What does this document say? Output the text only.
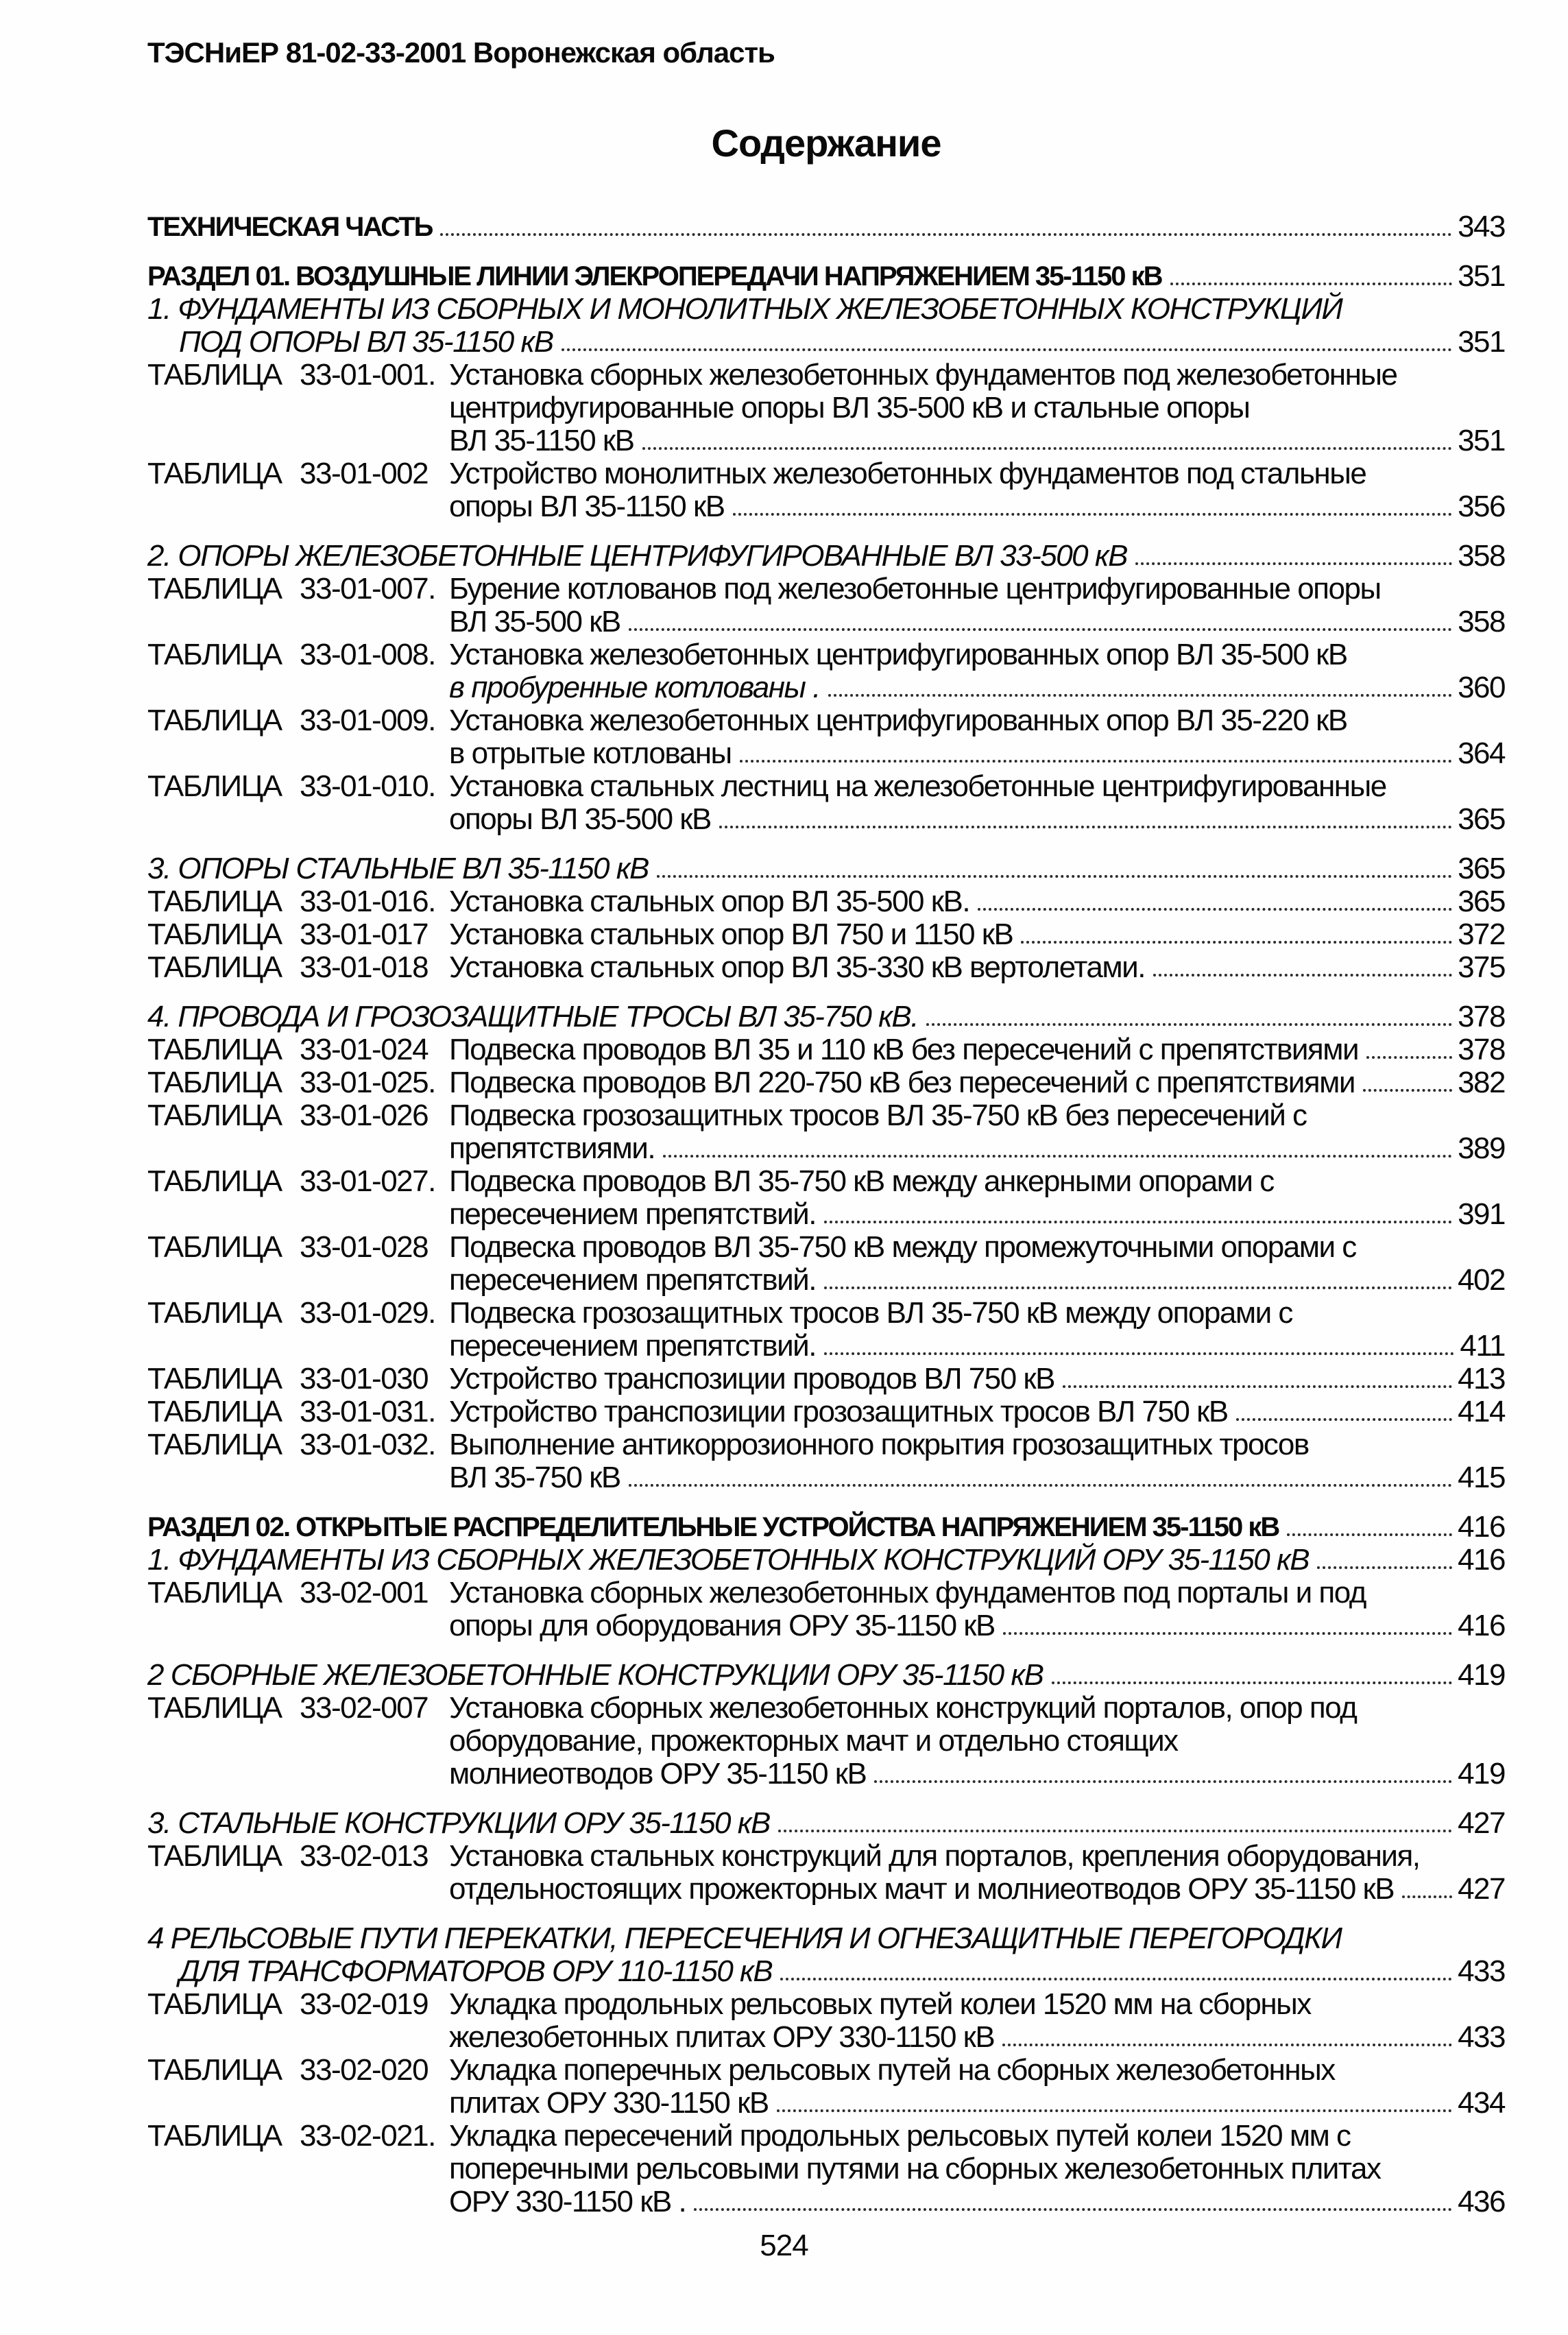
ТЭСНиЕР 81-02-33-2001 Воронежская область
Содержание
ТЕХНИЧЕСКАЯ ЧАСТЬ	343
РАЗДЕЛ 01. ВОЗДУШНЫЕ ЛИНИИ ЭЛЕКРОПЕРЕДАЧИ НАПРЯЖЕНИЕМ 35-1150 кВ	351
1. ФУНДАМЕНТЫ ИЗ СБОРНЫХ И МОНОЛИТНЫХ ЖЕЛЕЗОБЕТОННЫХ КОНСТРУКЦИЙ
ПОД ОПОРЫ ВЛ 35-1150 кВ	351
ТАБЛИЦА 33-01-001. Установка сборных железобетонных фундаментов под железобетонные
центрифугированные опоры ВЛ 35-500 кВ и стальные опоры
ВЛ 35-1150 кВ	351
ТАБЛИЦА 33-01-002 Устройство монолитных железобетонных фундаментов под стальные
опоры ВЛ 35-1150 кВ	356
2. ОПОРЫ ЖЕЛЕЗОБЕТОННЫЕ ЦЕНТРИФУГИРОВАННЫЕ ВЛ 33-500 кВ	358
ТАБЛИЦА 33-01-007. Бурение котлованов под железобетонные центрифугированные опоры
ВЛ 35-500 кВ	358
ТАБЛИЦА 33-01-008. Установка железобетонных центрифугированных опор ВЛ 35-500 кВ
в пробуренные котлованы .	360
ТАБЛИЦА 33-01-009. Установка железобетонных центрифугированных опор ВЛ 35-220 кВ
в отрытые котлованы	364
ТАБЛИЦА 33-01-010. Установка стальных лестниц на железобетонные центрифугированные
опоры ВЛ 35-500 кВ	365
3. ОПОРЫ СТАЛЬНЫЕ ВЛ 35-1150 кВ	365
ТАБЛИЦА 33-01-016. Установка стальных опор ВЛ 35-500 кВ.	365
ТАБЛИЦА 33-01-017 Установка стальных опор ВЛ 750 и 1150 кВ	372
ТАБЛИЦА 33-01-018 Установка стальных опор ВЛ 35-330 кВ вертолетами.	375
4. ПРОВОДА И ГРОЗОЗАЩИТНЫЕ ТРОСЫ ВЛ 35-750 кВ.	378
ТАБЛИЦА 33-01-024 Подвеска проводов ВЛ 35 и 110 кВ без пересечений с препятствиями	378
ТАБЛИЦА 33-01-025. Подвеска проводов ВЛ 220-750 кВ без пересечений с препятствиями	382
ТАБЛИЦА 33-01-026 Подвеска грозозащитных тросов ВЛ 35-750 кВ без пересечений с
препятствиями.	389
ТАБЛИЦА 33-01-027. Подвеска проводов ВЛ 35-750 кВ между анкерными опорами с
пересечением препятствий.	391
ТАБЛИЦА 33-01-028 Подвеска проводов ВЛ 35-750 кВ между промежуточными опорами с
пересечением препятствий.	402
ТАБЛИЦА 33-01-029. Подвеска грозозащитных тросов ВЛ 35-750 кВ между опорами с
пересечением препятствий.	411
ТАБЛИЦА 33-01-030 Устройство транспозиции проводов ВЛ 750 кВ	413
ТАБЛИЦА 33-01-031. Устройство транспозиции грозозащитных тросов ВЛ 750 кВ	414
ТАБЛИЦА 33-01-032. Выполнение антикоррозионного покрытия грозозащитных тросов
ВЛ 35-750 кВ	415
РАЗДЕЛ 02. ОТКРЫТЫЕ РАСПРЕДЕЛИТЕЛЬНЫЕ УСТРОЙСТВА НАПРЯЖЕНИЕМ 35-1150 кВ	416
1. ФУНДАМЕНТЫ ИЗ СБОРНЫХ ЖЕЛЕЗОБЕТОННЫХ КОНСТРУКЦИЙ ОРУ 35-1150 кВ	416
ТАБЛИЦА 33-02-001 Установка сборных железобетонных фундаментов под порталы и под
опоры для оборудования ОРУ 35-1150 кВ	416
2 СБОРНЫЕ ЖЕЛЕЗОБЕТОННЫЕ КОНСТРУКЦИИ ОРУ 35-1150 кВ	419
ТАБЛИЦА 33-02-007 Установка сборных железобетонных конструкций порталов, опор под
оборудование, прожекторных мачт и отдельно стоящих
молниеотводов ОРУ 35-1150 кВ	419
3. СТАЛЬНЫЕ КОНСТРУКЦИИ ОРУ 35-1150 кВ	427
ТАБЛИЦА 33-02-013 Установка стальных конструкций для порталов, крепления оборудования,
отдельностоящих прожекторных мачт и молниеотводов ОРУ 35-1150 кВ 427
4 РЕЛЬСОВЫЕ ПУТИ ПЕРЕКАТКИ, ПЕРЕСЕЧЕНИЯ И ОГНЕЗАЩИТНЫЕ ПЕРЕГОРОДКИ
ДЛЯ ТРАНСФОРМАТОРОВ ОРУ 110-1150 кВ	433
ТАБЛИЦА 33-02-019 Укладка продольных рельсовых путей колеи 1520 мм на сборных
железобетонных плитах ОРУ 330-1150 кВ	433
ТАБЛИЦА 33-02-020 Укладка поперечных рельсовых путей на сборных железобетонных
плитах ОРУ 330-1150 кВ	434
ТАБЛИЦА 33-02-021. Укладка пересечений продольных рельсовых путей колеи 1520 мм с
поперечными рельсовыми путями на сборных железобетонных плитах
ОРУ 330-1150 кВ .	436
524
